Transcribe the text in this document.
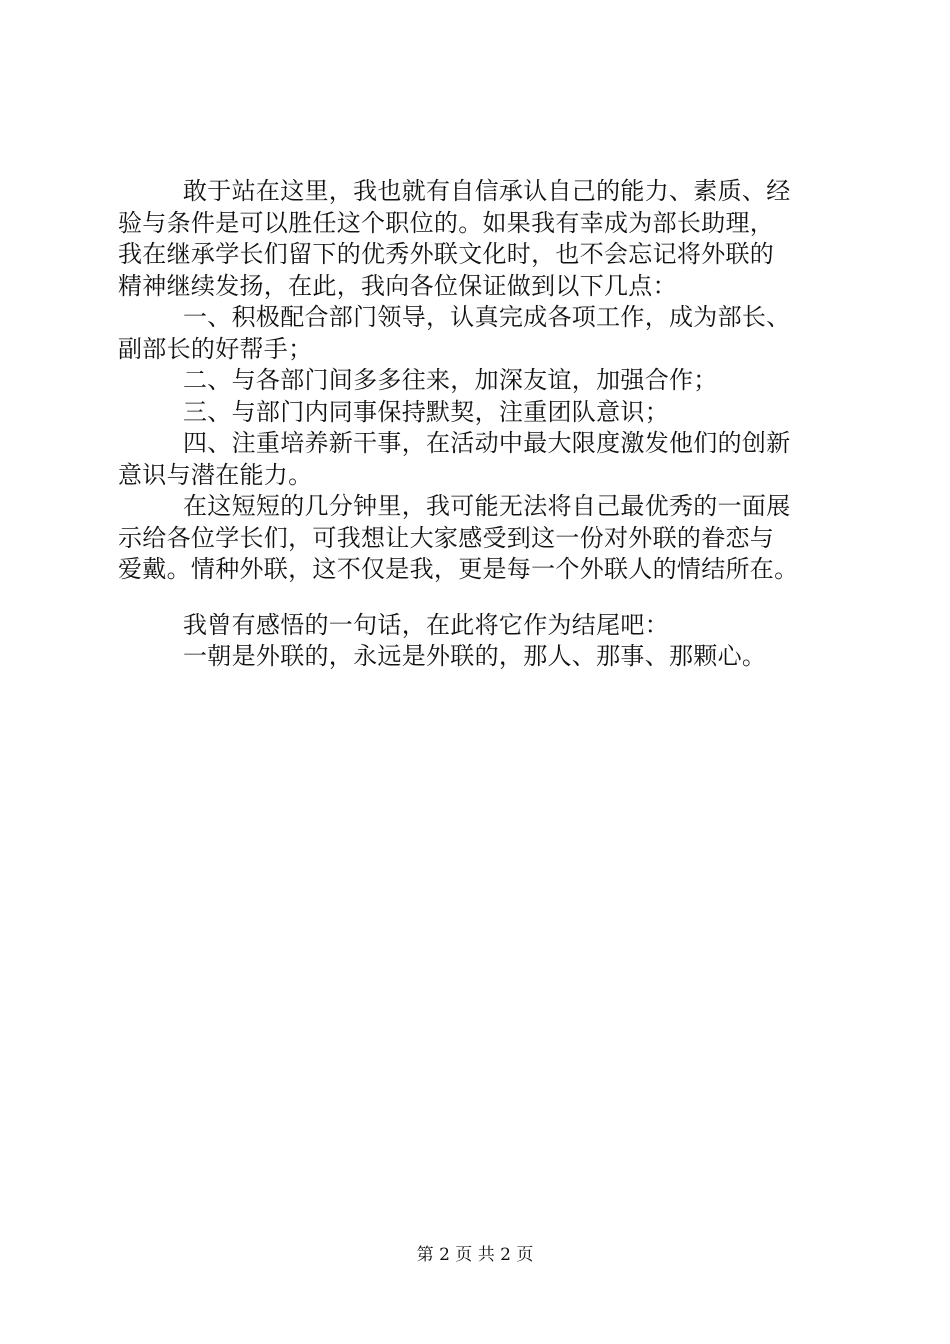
敢于站在这里，我也就有自信承认自己的能力、素质、经
验与条件是可以胜任这个职位的。如果我有幸成为部长助理，
我在继承学长们留下的优秀外联文化时，也不会忘记将外联的
精神继续发扬，在此，我向各位保证做到以下几点：
一、积极配合部门领导，认真完成各项工作，成为部长、
副部长的好帮手；
二、与各部门间多多往来，加深友谊，加强合作；
三、与部门内同事保持默契，注重团队意识；
四、注重培养新干事，在活动中最大限度激发他们的创新
意识与潜在能力。
在这短短的几分钟里，我可能无法将自己最优秀的一面展
示给各位学长们，可我想让大家感受到这一份对外联的眷恋与
爱戴。情种外联，这不仅是我，更是每一个外联人的情结所在。
我曾有感悟的一句话，在此将它作为结尾吧：
一朝是外联的，永远是外联的，那人、那事、那颗心。
第 2 页 共 2 页
